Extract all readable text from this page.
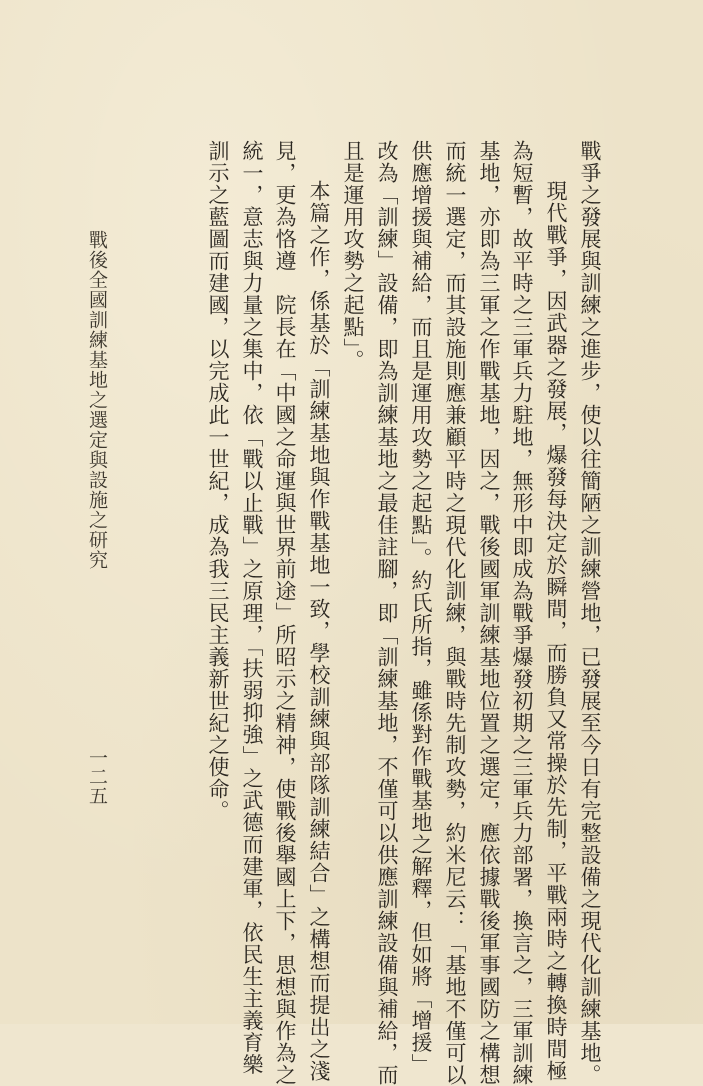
戰爭之發展與訓練之進步，使以往簡陋之訓練營地，已發展至今日有完整設備之現代化訓練基地。
現代戰爭，因武器之發展，爆發每決定於瞬間，而勝負又常操於先制，平戰兩時之轉換時間極
為短暫，故平時之三軍兵力駐地，無形中即成為戰爭爆發初期之三軍兵力部署，換言之，三軍訓練
基地，亦即為三軍之作戰基地，因之，戰後國軍訓練基地位置之選定，應依據戰後軍事國防之構想
而統一選定，而其設施則應兼顧平時之現代化訓練，與戰時先制攻勢，約米尼云：「基地不僅可以
供應增援與補給，而且是運用攻勢之起點」。約氏所指，雖係對作戰基地之解釋，但如將「增援」
改為「訓練」設備，即為訓練基地之最佳註腳，即「訓練基地，不僅可以供應訓練設備與補給，而
且是運用攻勢之起點」。
本篇之作，係基於「訓練基地與作戰基地一致，學校訓練與部隊訓練結合」之構想而提出之淺
見，更為恪遵　院長在「中國之命運與世界前途」所昭示之精神，使戰後舉國上下，思想與作為之
統一，意志與力量之集中，依「戰以止戰」之原理，「扶弱抑強」之武德而建軍，依民生主義育樂
訓示之藍圖而建國，以完成此一世紀，成為我三民主義新世紀之使命。
戰後全國訓練基地之選定與設施之研究
一二五
